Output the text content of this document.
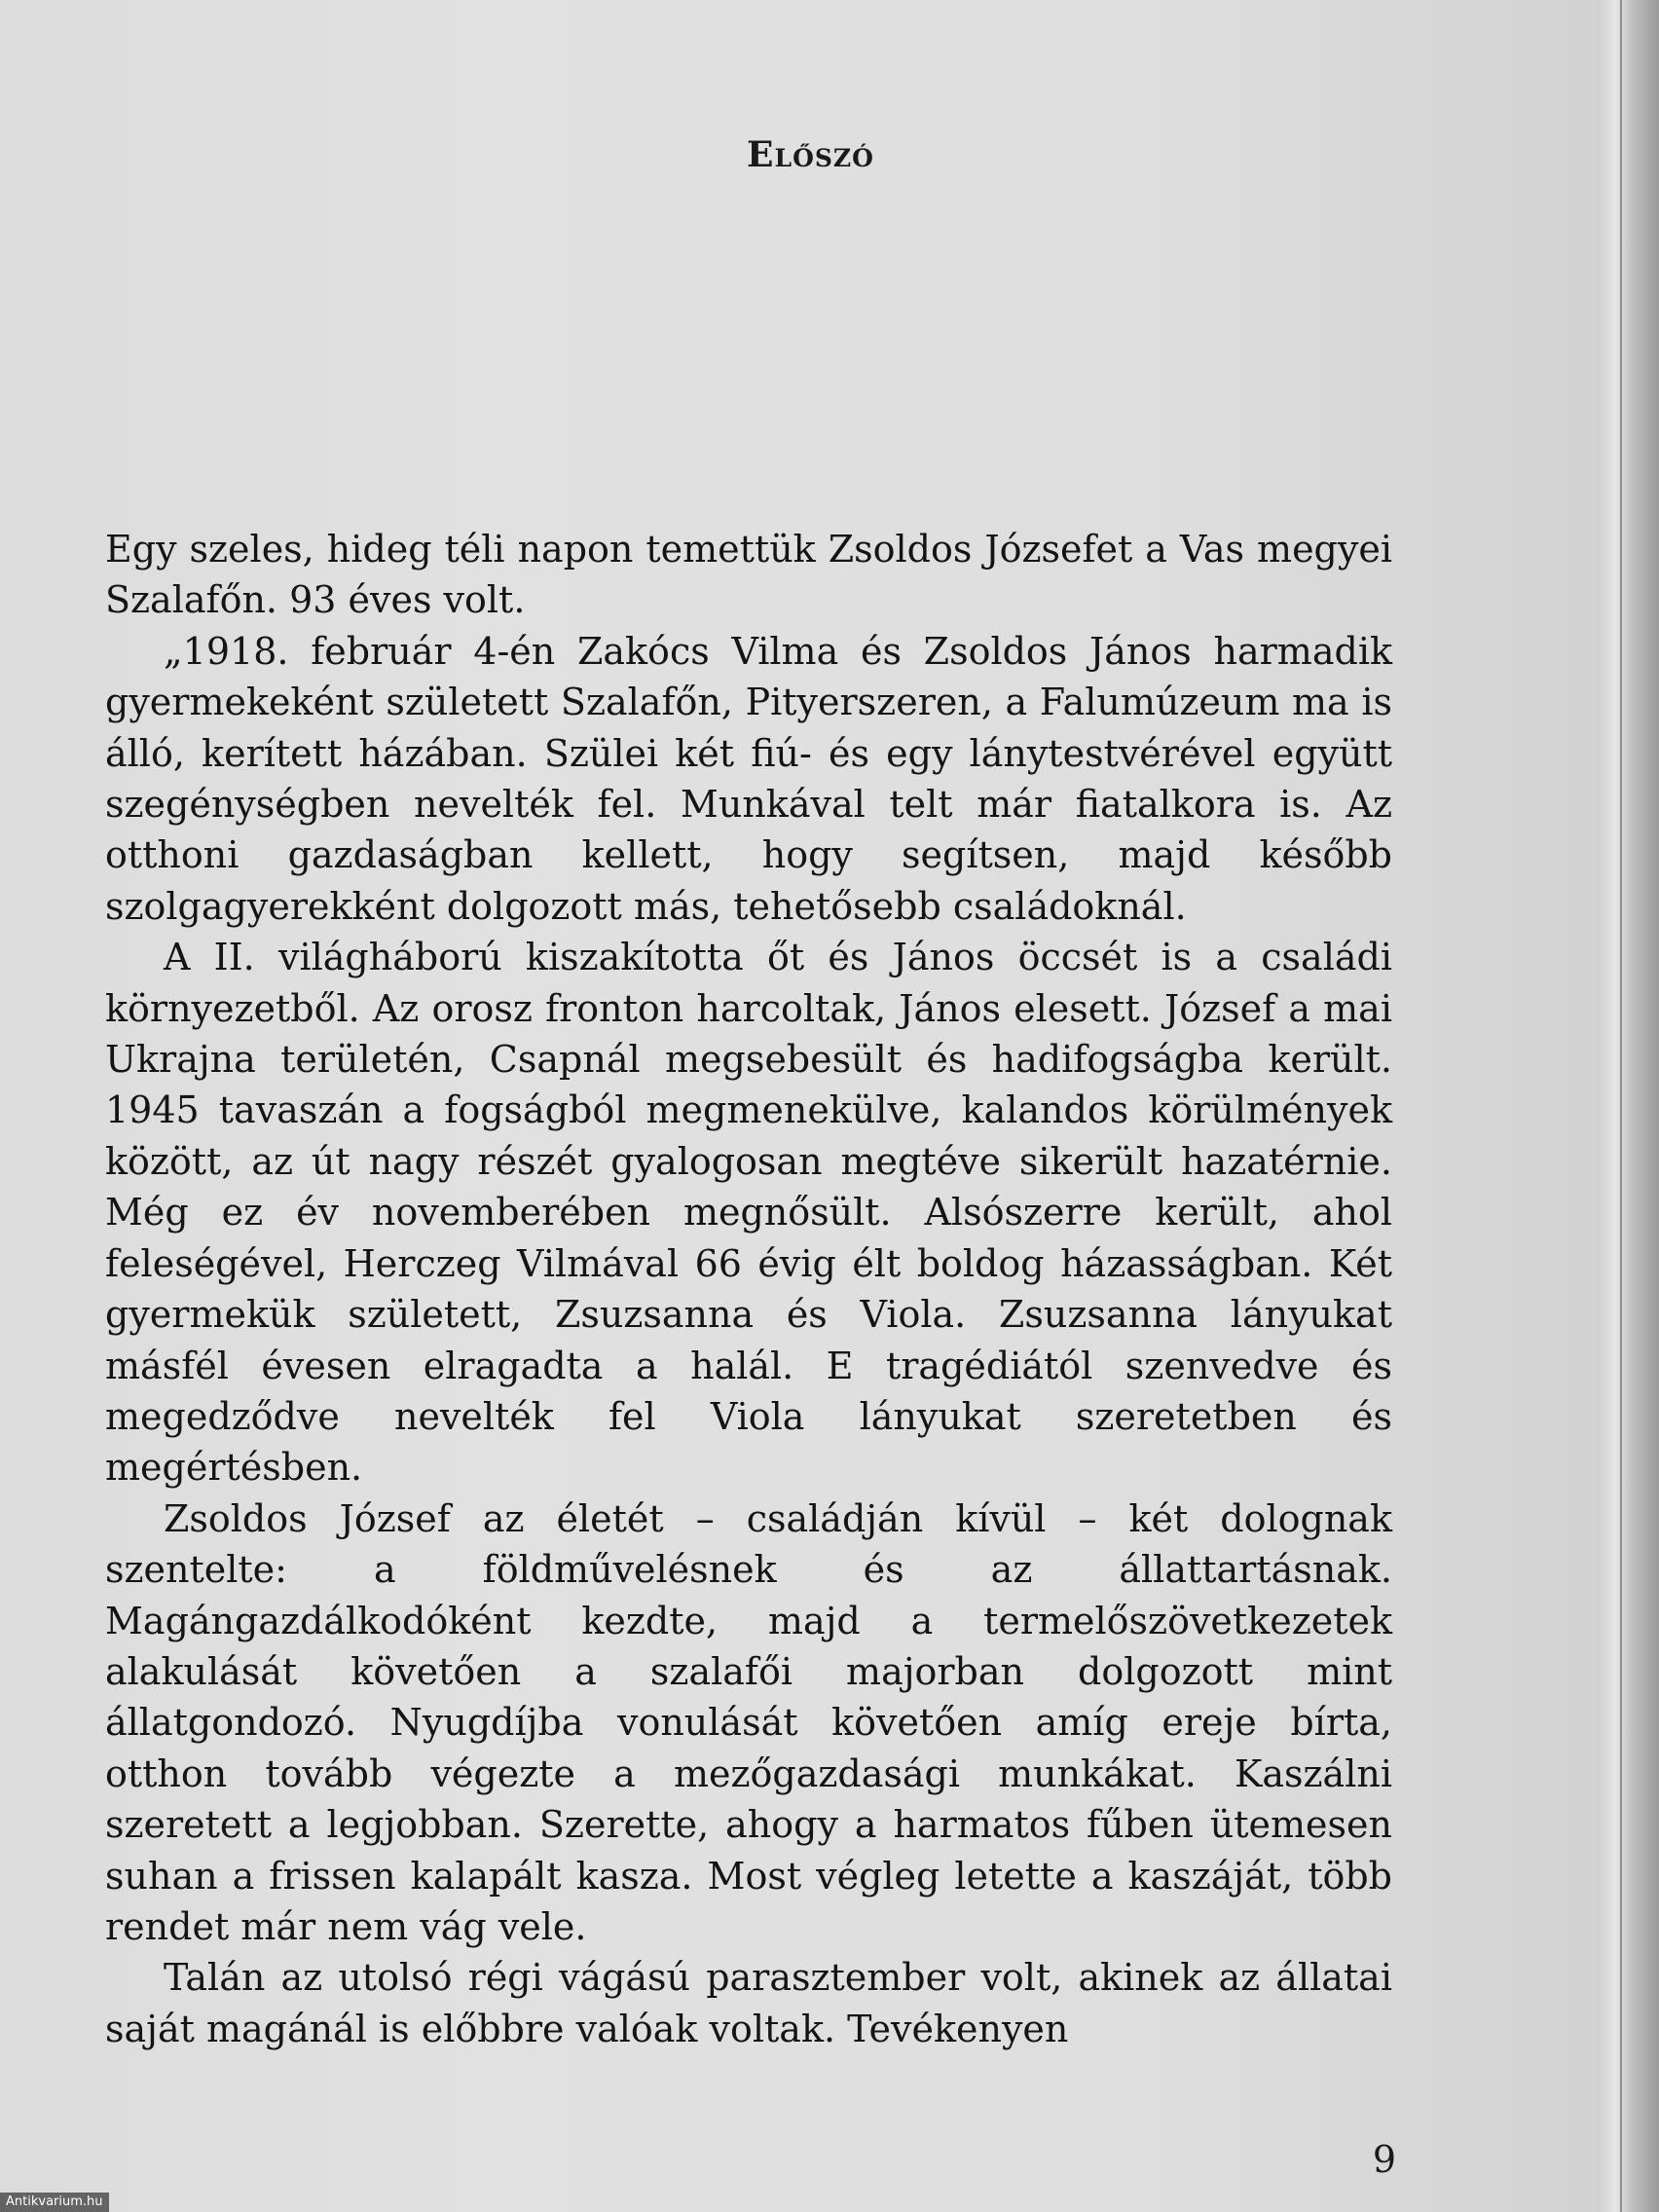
Előszó

Egy szeles, hideg téli napon temettük Zsoldos Józsefet a Vas megyei Szalafőn. 93 éves volt.

„1918. február 4-én Zakócs Vilma és Zsoldos János harmadik gyermekeként született Szalafőn, Pityerszeren, a Falumúzeum ma is álló, kerített házában. Szülei két fiú- és egy lánytestvérével együtt szegénységben nevelték fel. Munkával telt már fiatalkora is. Az otthoni gazdaságban kellett, hogy segítsen, majd később szolgagyerekként dolgozott más, tehetősebb családoknál.

A II. világháború kiszakította őt és János öccsét is a családi környezetből. Az orosz fronton harcoltak, János elesett. József a mai Ukrajna területén, Csapnál megsebesült és hadifogságba került. 1945 tavaszán a fogságból megmenekülve, kalandos körülmények között, az út nagy részét gyalogosan megtéve sikerült hazatérnie. Még ez év novemberében megnősült. Alsószerre került, ahol feleségével, Herczeg Vilmával 66 évig élt boldog házasságban. Két gyermekük született, Zsuzsanna és Viola. Zsuzsanna lányukat másfél évesen elragadta a halál. E tragédiától szenvedve és megedződve nevelték fel Viola lányukat szeretetben és megértésben.

Zsoldos József az életét – családján kívül – két dolognak szentelte: a földművelésnek és az állattartásnak. Magángazdálkodóként kezdte, majd a termelőszövetkezetek alakulását követően a szalafői majorban dolgozott mint állatgondozó. Nyugdíjba vonulását követően amíg ereje bírta, otthon tovább végezte a mezőgazdasági munkákat. Kaszálni szeretett a legjobban. Szerette, ahogy a harmatos fűben ütemesen suhan a frissen kalapált kasza. Most végleg letette a kaszáját, több rendet már nem vág vele.

Talán az utolsó régi vágású parasztember volt, akinek az állatai saját magánál is előbbre valóak voltak. Tevékenyen

9
Antikvarium.hu
